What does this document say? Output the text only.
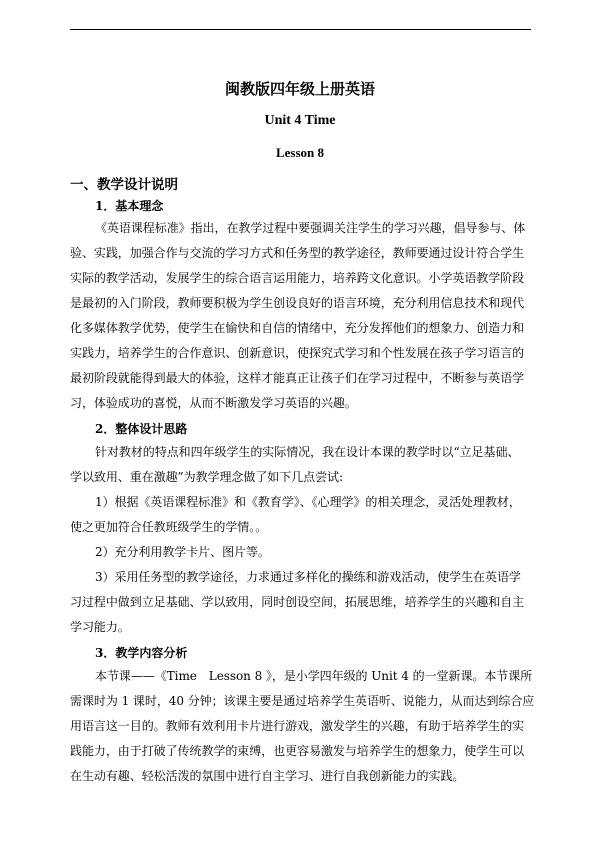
闽教版四年级上册英语
Unit 4 Time
Lesson 8
一、教学设计说明
1．基本理念
《英语课程标准》指出，在教学过程中要强调关注学生的学习兴趣，倡导参与、体
验、实践，加强合作与交流的学习方式和任务型的教学途径，教师要通过设计符合学生
实际的教学活动，发展学生的综合语言运用能力，培养跨文化意识。小学英语教学阶段
是最初的入门阶段，教师要积极为学生创设良好的语言环境，充分利用信息技术和现代
化多媒体教学优势，使学生在愉快和自信的情绪中，充分发挥他们的想象力、创造力和
实践力，培养学生的合作意识、创新意识，使探究式学习和个性发展在孩子学习语言的
最初阶段就能得到最大的体验，这样才能真正让孩子们在学习过程中，不断参与英语学
习，体验成功的喜悦，从而不断激发学习英语的兴趣。
2．整体设计思路
针对教材的特点和四年级学生的实际情况，我在设计本课的教学时以“立足基础、
学以致用、重在激趣”为教学理念做了如下几点尝试:
1）根据《英语课程标准》和《教育学》、《心理学》的相关理念，灵活处理教材，
使之更加符合任教班级学生的学情。。
2）充分利用教学卡片、图片等。
3）采用任务型的教学途径，力求通过多样化的操练和游戏活动，使学生在英语学
习过程中做到立足基础、学以致用，同时创设空间，拓展思维，培养学生的兴趣和自主
学习能力。
3．教学内容分析
本节课——《Time　Lesson 8 》，是小学四年级的 Unit 4 的一堂新课。本节课所
需课时为 1 课时，40 分钟；该课主要是通过培养学生英语听、说能力，从而达到综合应
用语言这一目的。教师有效利用卡片进行游戏，激发学生的兴趣，有助于培养学生的实
践能力，由于打破了传统教学的束缚，也更容易激发与培养学生的想象力，使学生可以
在生动有趣、轻松活泼的氛围中进行自主学习、进行自我创新能力的实践。
